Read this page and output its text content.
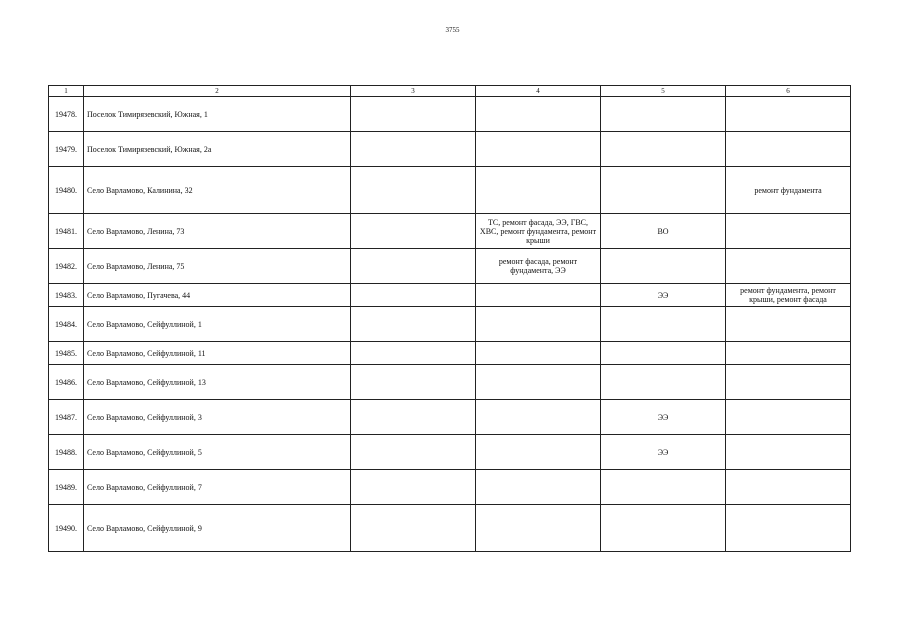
3755
1	2	3	4	5	6
19478.	Поселок Тимирязевский, Южная, 1				
19479.	Поселок Тимирязевский, Южная, 2а				
19480.	Село Варламово, Калинина, 32				ремонт фундамента
19481.	Село Варламово, Ленина, 73		ТС, ремонт фасада, ЭЭ, ГВС, ХВС, ремонт фундамента, ремонт крыши	ВО	
19482.	Село Варламово, Ленина, 75		ремонт фасада, ремонт фундамента, ЭЭ		
19483.	Село Варламово, Пугачева, 44			ЭЭ	ремонт фундамента, ремонт крыши, ремонт фасада
19484.	Село Варламово, Сейфуллиной, 1				
19485.	Село Варламово, Сейфуллиной, 11				
19486.	Село Варламово, Сейфуллиной, 13				
19487.	Село Варламово, Сейфуллиной, 3			ЭЭ	
19488.	Село Варламово, Сейфуллиной, 5			ЭЭ	
19489.	Село Варламово, Сейфуллиной, 7				
19490.	Село Варламово, Сейфуллиной, 9				
